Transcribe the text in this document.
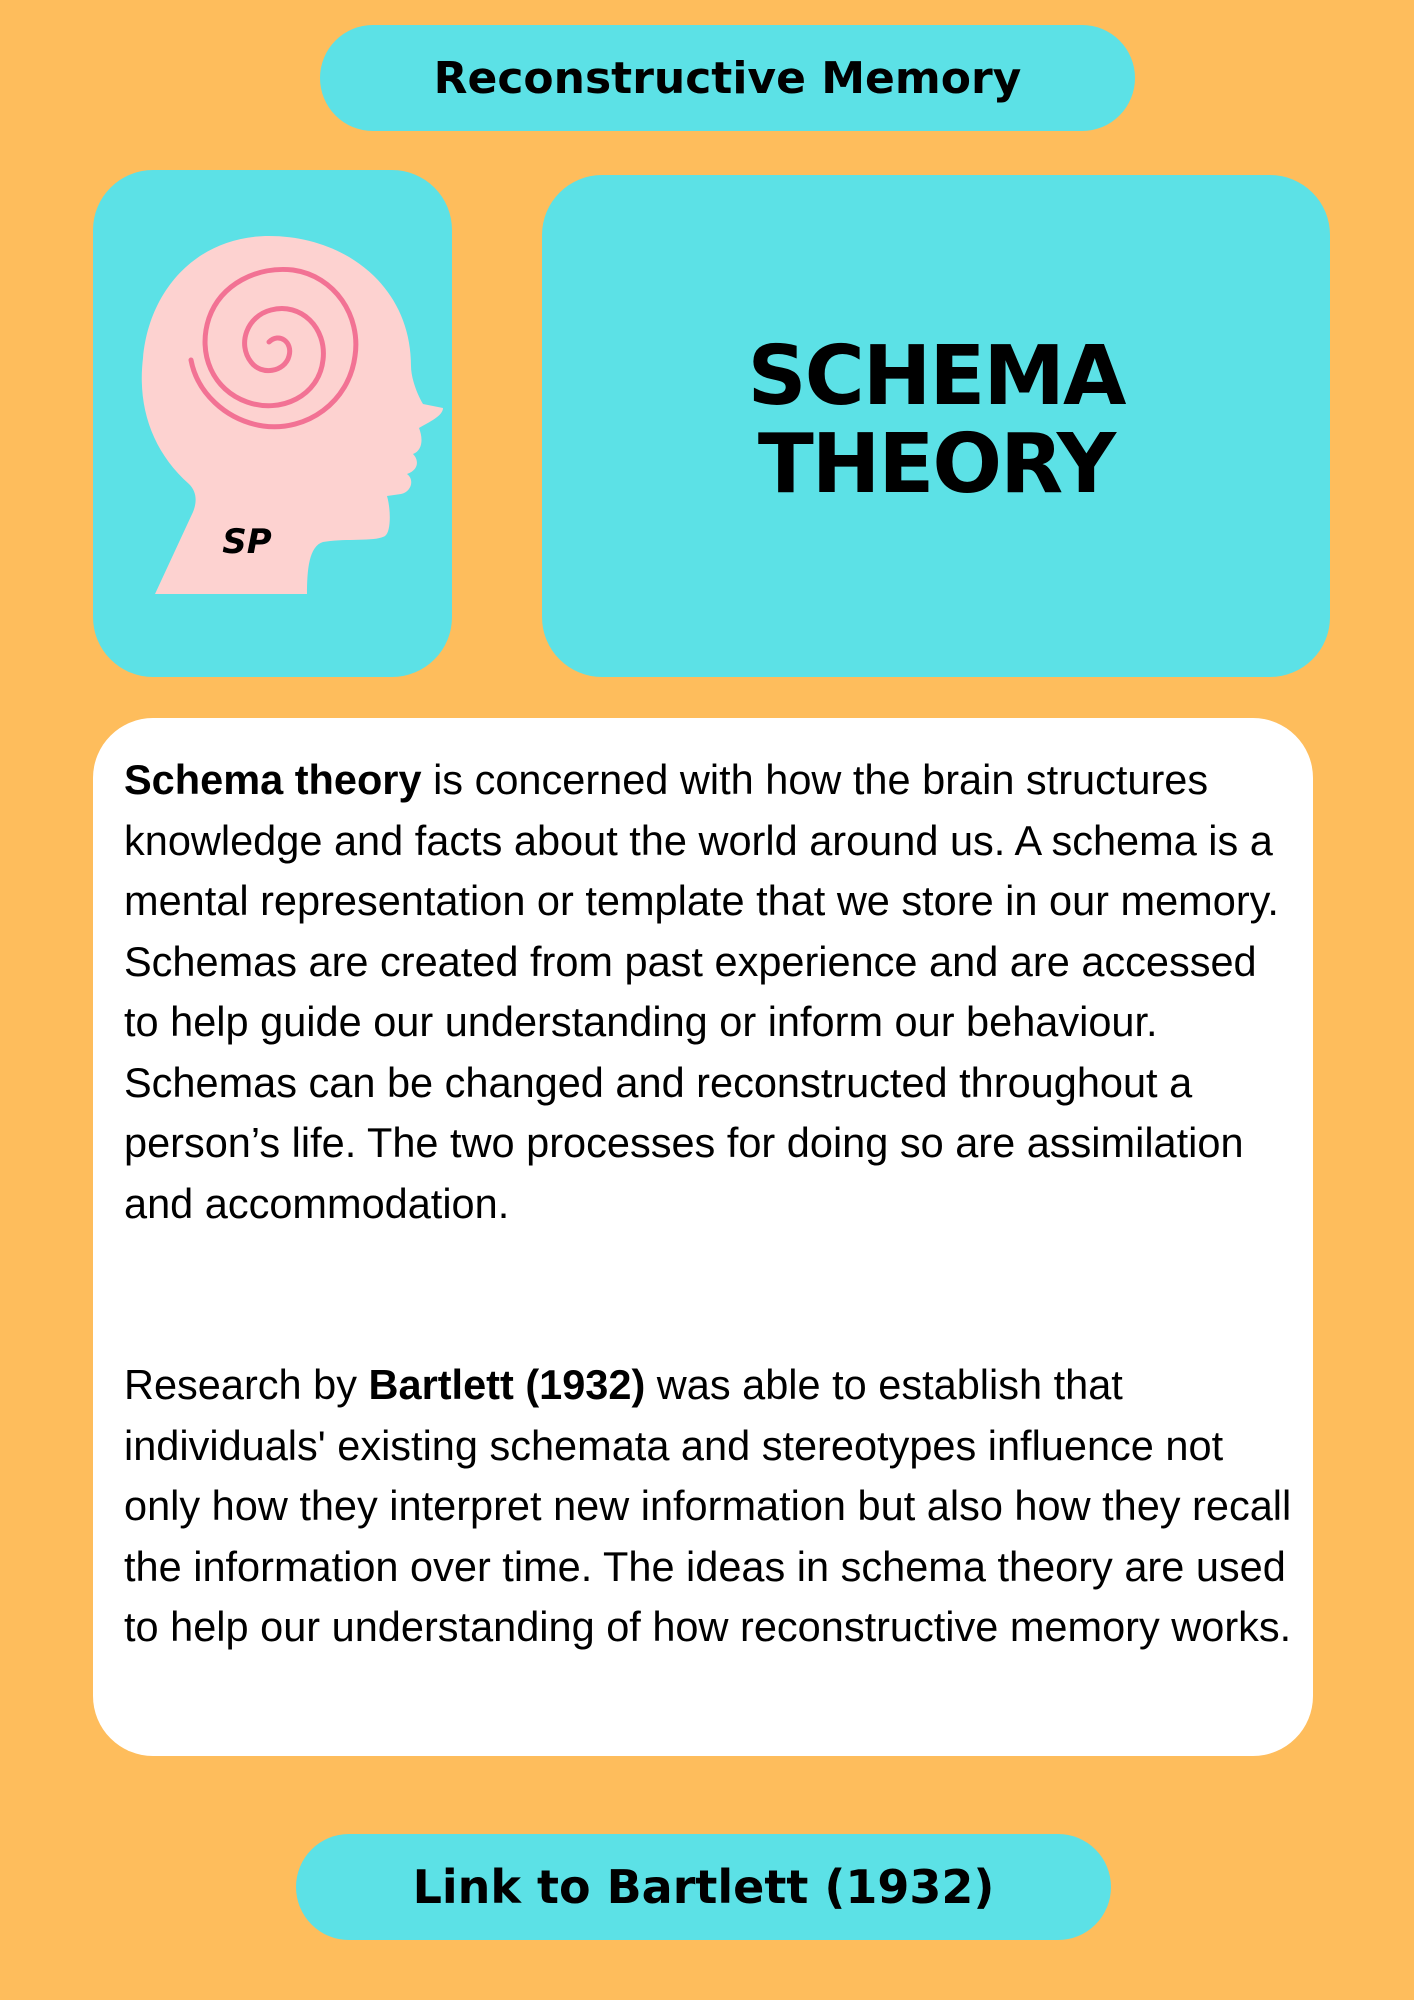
Reconstructive Memory
SP
SCHEMA
THEORY

Schema theory is concerned with how the brain structures knowledge and facts about the world around us. A schema is a mental representation or template that we store in our memory. Schemas are created from past experience and are accessed to help guide our understanding or inform our behaviour. Schemas can be changed and reconstructed throughout a person’s life. The two processes for doing so are assimilation and accommodation.

Research by Bartlett (1932) was able to establish that individuals' existing schemata and stereotypes influence not only how they interpret new information but also how they recall the information over time. The ideas in schema theory are used to help our understanding of how reconstructive memory works.

Link to Bartlett (1932)
